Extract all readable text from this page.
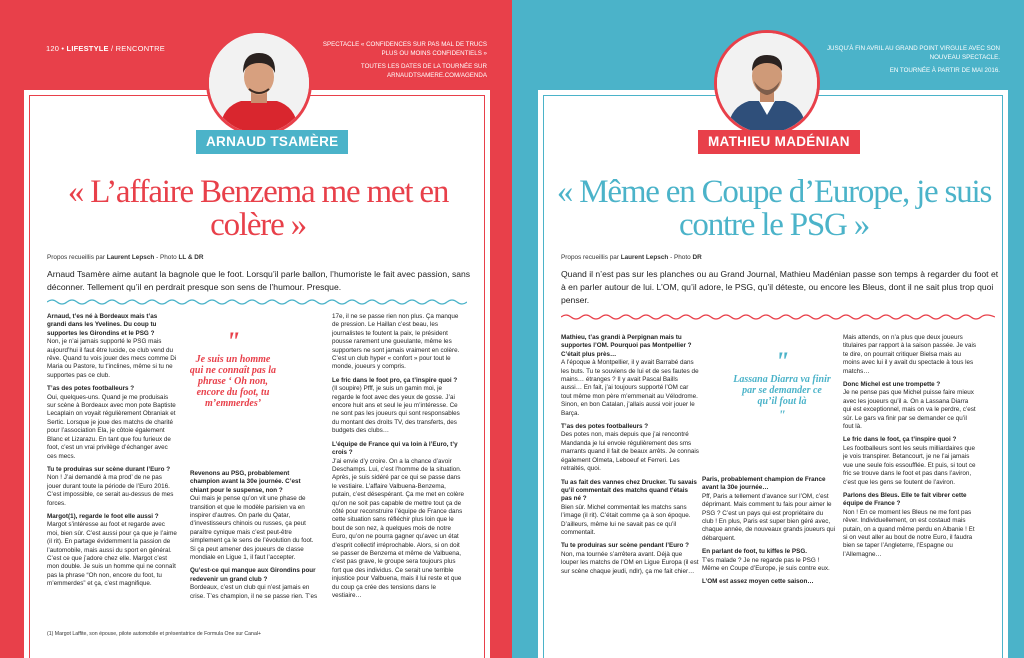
120 • LIFESTYLE / RENCONTRE	SPECTACLE « CONFIDENCES SUR PAS MAL DE TRUCS PLUS OU MOINS CONFIDENTIELS »

TOUTES LES DATES DE LA TOURNÉE SUR ARNAUDTSAMERE.COM/AGENDA

ARNAUD TSAMÈRE
« L’affaire Benzema me met en colère »
Propos recueillis par Laurent Lepsch - Photo LL & DR

Arnaud Tsamère aime autant la bagnole que le foot. Lorsqu’il parle ballon, l’humoriste le fait avec passion, sans déconner. Tellement qu’il en perdrait presque son sens de l’humour. Presque.

Arnaud, t’es né à Bordeaux mais t’as grandi dans les Yvelines. Du coup tu supportes les Girondins et le PSG ?
Non, je n’ai jamais supporté le PSG mais aujourd’hui il faut être lucide, ce club vend du rêve. Quand tu vois jouer des mecs comme Di Maria ou Pastore, tu t’inclines, même si tu ne supportes pas ce club.

T’as des potes footballeurs ?
Oui, quelques-uns. Quand je me produisais sur scène à Bordeaux avec mon pote Baptiste Lecaplain on voyait régulièrement Obraniak et Sertic. Lorsque je joue des matchs de charité pour l’association Ela, je côtoie également Blanc et Lizarazu. En tant que fou furieux de foot, c’est un vrai privilège d’échanger avec ces mecs.

Tu te produiras sur scène durant l’Euro ?
Non ! J’ai demandé à ma prod’ de ne pas jouer durant toute la période de l’Euro 2016. C’est impossible, ce serait au-dessus de mes forces.

Margot(1), regarde le foot elle aussi ?
Margot s’intéresse au foot et regarde avec moi, bien sûr. C’est aussi pour ça que je l’aime (il rit). En partage évidemment la passion de l’automobile, mais aussi du sport en général. C’est ce que j’adore chez elle. Margot c’est mon double. Je suis un homme qui ne connaît pas la phrase “Oh non, encore du foot, tu m’emmerdes” et ça, c’est magnifique.

"
Je suis un homme qui ne connaît pas la phrase ‘ Oh non, encore du foot, tu m’emmerdes’

Revenons au PSG, probablement champion avant la 30e journée. C’est chiant pour le suspense, non ?
Oui mais je pense qu’on vit une phase de transition et que le modèle parisien va en inspirer d’autres. On parle du Qatar, d’investisseurs chinois ou russes, ça peut paraître cynique mais c’est peut-être simplement ça le sens de l’évolution du foot. Si ça peut amener des joueurs de classe mondiale en Ligue 1, il faut l’accepter.

Qu’est-ce qui manque aux Girondins pour redevenir un grand club ?
Bordeaux, c’est un club qui n’est jamais en crise. T’es champion, il ne se passe rien. T’es

17e, il ne se passe rien non plus. Ça manque de pression. Le Haillan c’est beau, les journalistes te foutent la paix, le président pousse rarement une gueulante, même les supporters ne sont jamais vraiment en colère. C’est un club hyper « confort » pour tout le monde, joueurs y compris.

Le fric dans le foot pro, ça t’inspire quoi ?
(Il soupire) Pfff, je suis un gamin moi, je regarde le foot avec des yeux de gosse. J’ai encore huit ans et seul le jeu m’intéresse. Ce ne sont pas les joueurs qui sont responsables du montant des droits TV, des transferts, des budgets des clubs…

L’équipe de France qui va loin à l’Euro, t’y crois ?
J’ai envie d’y croire. On a la chance d’avoir Deschamps. Lui, c’est l’homme de la situation. Après, je suis sidéré par ce qui se passe dans le vestiaire. L’affaire Valbuena-Benzema, putain, c’est désespérant. Ça me met en colère qu’on ne soit pas capable de mettre tout ça de côté pour reconstruire l’équipe de France dans cette situation sans réfléchir plus loin que le bout de son nez, à quelques mois de notre Euro, qu’on ne pourra gagner qu’avec un état d’esprit collectif irréprochable. Alors, si on doit se passer de Benzema et même de Valbuena, c’est pas grave, le groupe sera toujours plus fort que des individus. Ce serait une terrible injustice pour Valbuena, mais il lui reste et que du coup ça crée des tensions dans le vestiaire…

(1) Margot Laffite, son épouse, pilote automobile et présentatrice de Formula One sur Canal+

JUSQU’À FIN AVRIL AU GRAND POINT VIRGULE AVEC SON NOUVEAU SPECTACLE.

EN TOURNÉE À PARTIR DE MAI 2016.

MATHIEU MADÉNIAN
« Même en Coupe d’Europe, je suis contre le PSG »
Propos recueillis par Laurent Lepsch - Photo DR

Quand il n’est pas sur les planches ou au Grand Journal, Mathieu Madénian passe son temps à regarder du foot et à en parler autour de lui. L’OM, qu’il adore, le PSG, qu’il déteste, ou encore les Bleus, dont il ne sait plus trop quoi penser.

Mathieu, t’as grandi à Perpignan mais tu supportes l’OM. Pourquoi pas Montpellier ? C’était plus près…
A l’époque à Montpellier, il y avait Barrabé dans les buts. Tu te souviens de lui et de ses fautes de mains… étranges ? Il y avait Pascal Baills aussi… En fait, j’ai toujours supporté l’OM car tout même mon père m’emmenait au Vélodrome. Sinon, en bon Catalan, j’allais aussi voir jouer le Barça.

T’as des potes footballeurs ?
Des potes non, mais depuis que j’ai rencontré Mandanda je lui envoie régulièrement des sms marrants quand il fait de beaux arrêts. Je connais également Olmeta, Leboeuf et Ferreri. Les retraités, quoi.

Tu as fait des vannes chez Drucker. Tu savais qu’il commentait des matchs quand t’étais pas né ?
Bien sûr. Michel commentait les matchs sans l’image (il rit). C’était comme ça à son époque. D’ailleurs, même lui ne savait pas ce qu’il commentait.

Tu te produiras sur scène pendant l’Euro ?
Non, ma tournée s’arrêtera avant. Déjà que louper les matchs de l’OM en Ligue Europa (il est sur scène chaque jeudi, ndlr), ça me fait chier…

"
Lassana Diarra va finir par se demander ce qu’il fout là
"

Paris, probablement champion de France avant la 30e journée…
Pff, Paris a tellement d’avance sur l’OM, c’est déprimant. Mais comment tu fais pour aimer le PSG ? C’est un pays qui est propriétaire du club ! En plus, Paris est super bien géré avec, chaque année, de nouveaux grands joueurs qui débarquent.

En parlant de foot, tu kiffes le PSG.
T’es malade ? Je ne regarde pas le PSG ! Même en Coupe d’Europe, je suis contre eux.

L’OM est assez moyen cette saison…

Mais attends, on n’a plus que deux joueurs titulaires par rapport à la saison passée. Je vais te dire, on pourrait critiquer Bielsa mais au moins avec lui il y avait du spectacle à tous les matchs…

Donc Michel est une trompette ?
Je ne pense pas que Michel puisse faire mieux avec les joueurs qu’il a. On a Lassana Diarra qui est exceptionnel, mais on va le perdre, c’est sûr. Le gars va finir par se demander ce qu’il fout là.

Le fric dans le foot, ça t’inspire quoi ?
Les footballeurs sont les seuls milliardaires que je vois transpirer. Betancourt, je ne l’ai jamais vue une seule fois essoufflée. Et puis, si tout ce fric se trouve dans le foot et pas dans l’aviron, c’est que les gens se foutent de l’aviron.

Parlons des Bleus. Elle te fait vibrer cette équipe de France ?
Non ! En ce moment les Bleus ne me font pas rêver. Individuellement, on est costaud mais putain, on a quand même perdu en Albanie ! Et si on veut aller au bout de notre Euro, il faudra bien se taper l’Angleterre, l’Espagne ou l’Allemagne…
